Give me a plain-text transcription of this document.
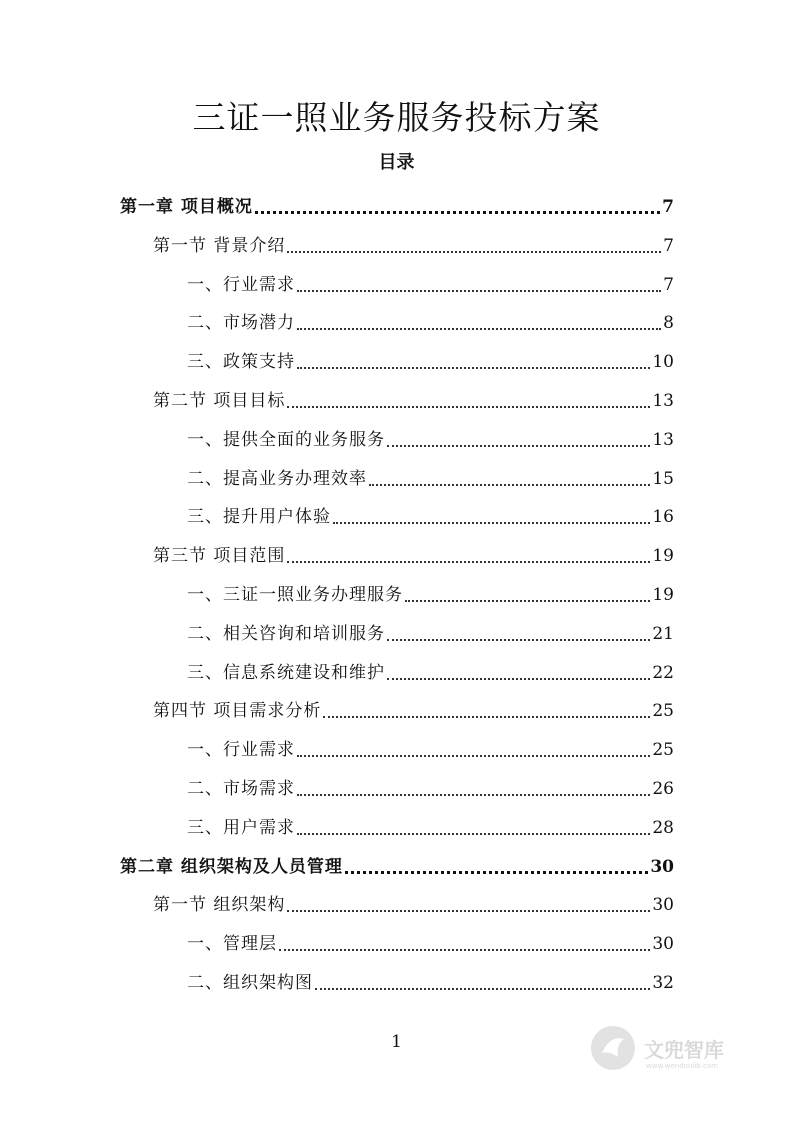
三证一照业务服务投标方案
目录
第一章 项目概况	7
第一节 背景介绍	7
一、行业需求	7
二、市场潜力	8
三、政策支持	10
第二节 项目目标	13
一、提供全面的业务服务	13
二、提高业务办理效率	15
三、提升用户体验	16
第三节 项目范围	19
一、三证一照业务办理服务	19
二、相关咨询和培训服务	21
三、信息系统建设和维护	22
第四节 项目需求分析	25
一、行业需求	25
二、市场需求	26
三、用户需求	28
第二章 组织架构及人员管理	30
第一节 组织架构	30
一、管理层	30
二、组织架构图	32
1	文兜智库
www.wendoulib.com
